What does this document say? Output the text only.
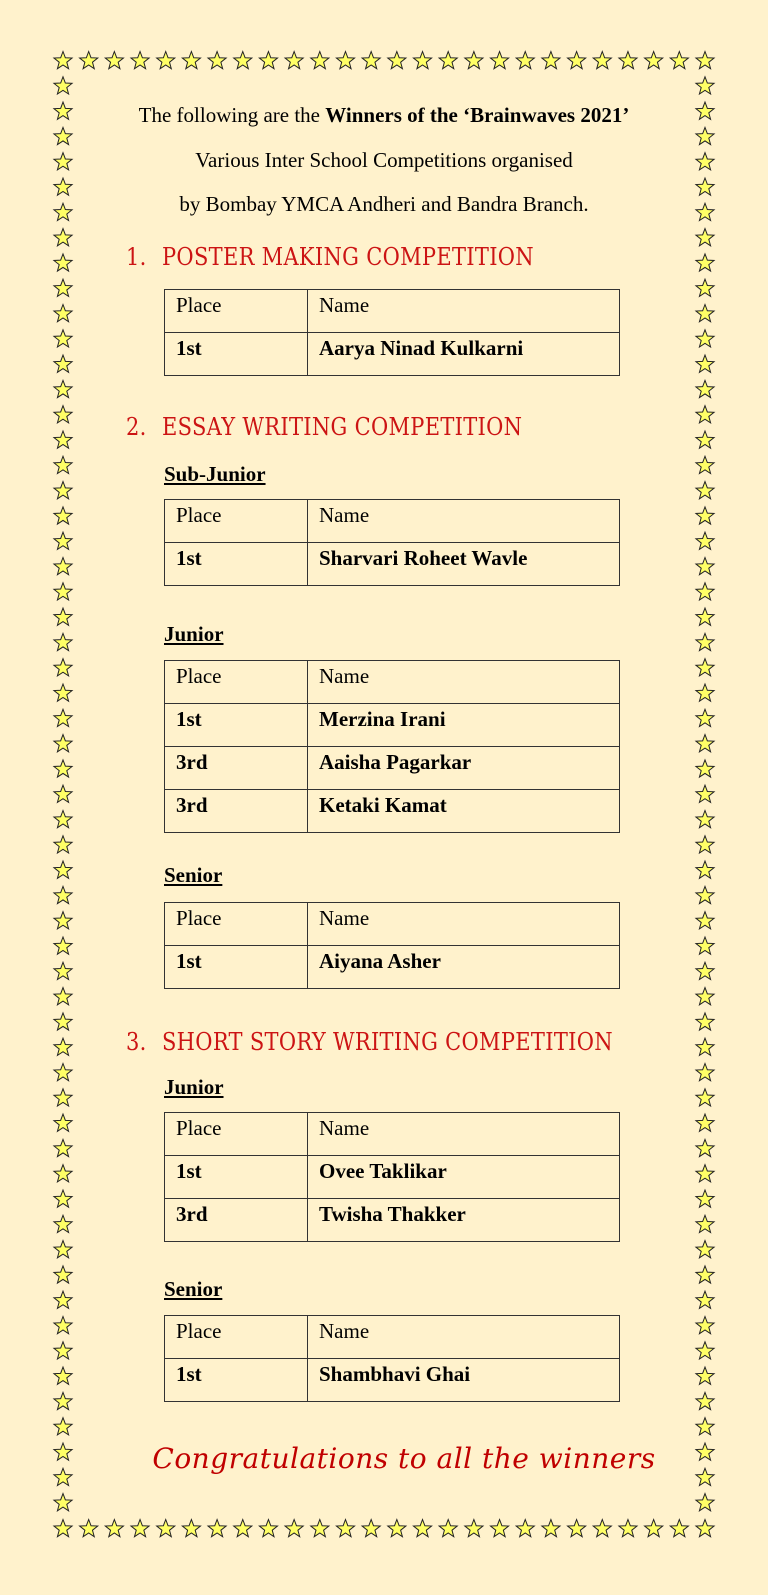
The following are the Winners of the ‘Brainwaves 2021’
Various Inter School Competitions organised
by Bombay YMCA Andheri and Bandra Branch.
1. POSTER MAKING COMPETITION
Place	Name
1st	Aarya Ninad Kulkarni
2. ESSAY WRITING COMPETITION
Sub-Junior
Place	Name
1st	Sharvari Roheet Wavle
Junior
Place	Name
1st	Merzina Irani
3rd	Aaisha Pagarkar
3rd	Ketaki Kamat
Senior
Place	Name
1st	Aiyana Asher
3. SHORT STORY WRITING COMPETITION
Junior
Place	Name
1st	Ovee Taklikar
3rd	Twisha Thakker
Senior
Place	Name
1st	Shambhavi Ghai
Congratulations to all the winners
